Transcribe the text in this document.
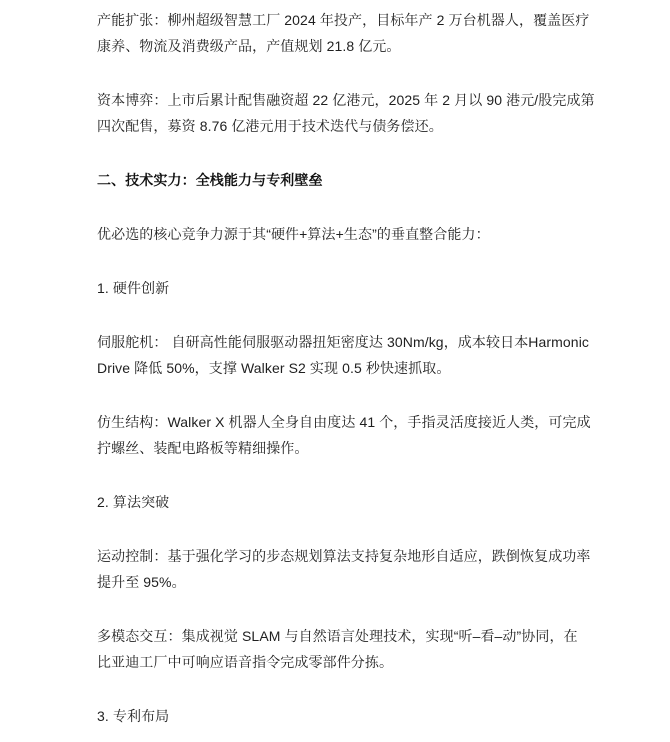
产能扩张：柳州超级智慧工厂 2024 年投产，目标年产 2 万台机器人，覆盖医疗
康养、物流及消费级产品，产值规划 21.8 亿元。
资本博弈：上市后累计配售融资超 22 亿港元，2025 年 2 月以 90 港元/股完成第
四次配售，募资 8.76 亿港元用于技术迭代与债务偿还。
二、技术实力：全栈能力与专利壁垒
优必选的核心竞争力源于其“硬件+算法+生态”的垂直整合能力：
1. 硬件创新
伺服舵机： 自研高性能伺服驱动器扭矩密度达 30Nm/kg，成本较日本Harmonic
Drive 降低 50%，支撑 Walker S2 实现 0.5 秒快速抓取。
仿生结构：Walker X 机器人全身自由度达 41 个，手指灵活度接近人类，可完成
拧螺丝、装配电路板等精细操作。
2. 算法突破
运动控制：基于强化学习的步态规划算法支持复杂地形自适应，跌倒恢复成功率
提升至 95%。
多模态交互：集成视觉 SLAM 与自然语言处理技术，实现“听–看–动”协同，在
比亚迪工厂中可响应语音指令完成零部件分拣。
3. 专利布局
